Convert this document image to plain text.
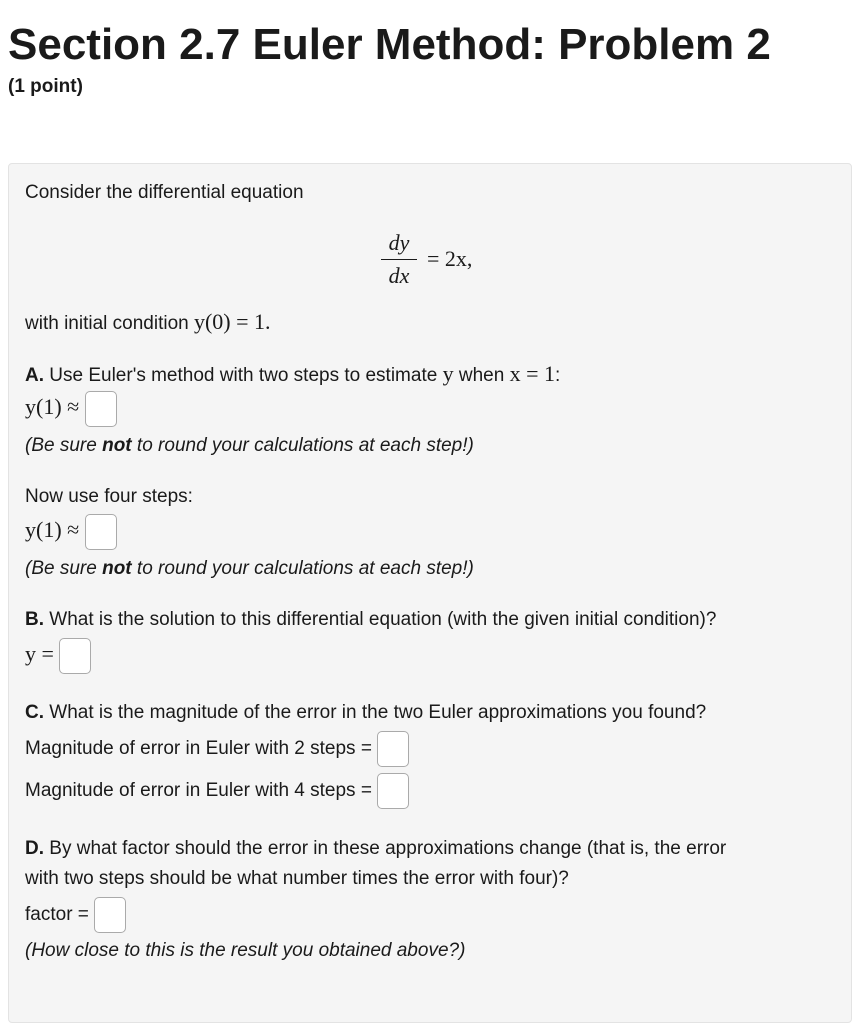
Section 2.7 Euler Method: Problem 2
(1 point)
Consider the differential equation
dy
dx
= 2x,
with initial condition y(0) = 1.
A. Use Euler's method with two steps to estimate y when x = 1:
y(1) ≈
(Be sure not to round your calculations at each step!)
Now use four steps:
y(1) ≈
(Be sure not to round your calculations at each step!)
B. What is the solution to this differential equation (with the given initial condition)?
y =
C. What is the magnitude of the error in the two Euler approximations you found?
Magnitude of error in Euler with 2 steps =
Magnitude of error in Euler with 4 steps =
D. By what factor should the error in these approximations change (that is, the error
with two steps should be what number times the error with four)?
factor =
(How close to this is the result you obtained above?)
